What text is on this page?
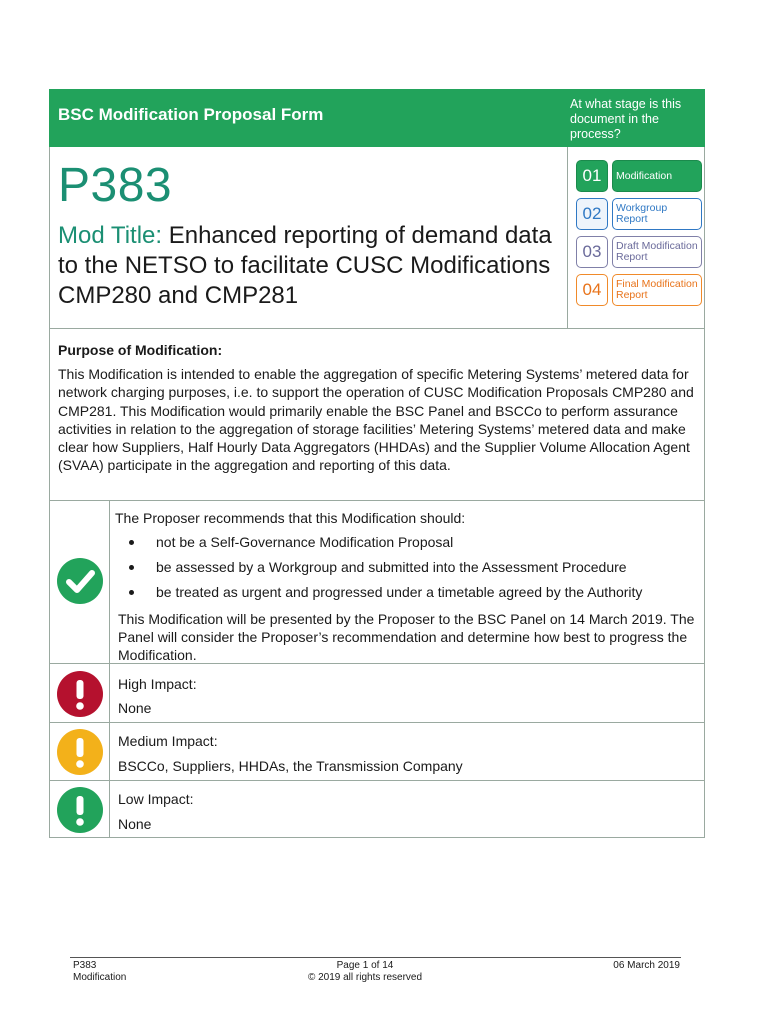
BSC Modification Proposal Form
At what stage is this document in the process?
P383
Mod Title: Enhanced reporting of demand data to the NETSO to facilitate CUSC Modifications CMP280 and CMP281
01	Modification
02	Workgroup Report
03	Draft Modification Report
04	Final Modification Report
Purpose of Modification:
This Modification is intended to enable the aggregation of specific Metering Systems’ metered data for network charging purposes, i.e. to support the operation of CUSC Modification Proposals CMP280 and CMP281. This Modification would primarily enable the BSC Panel and BSCCo to perform assurance activities in relation to the aggregation of storage facilities’ Metering Systems’ metered data and make clear how Suppliers, Half Hourly Data Aggregators (HHDAs) and the Supplier Volume Allocation Agent (SVAA) participate in the aggregation and reporting of this data.
The Proposer recommends that this Modification should:
not be a Self-Governance Modification Proposal
be assessed by a Workgroup and submitted into the Assessment Procedure
be treated as urgent and progressed under a timetable agreed by the Authority
This Modification will be presented by the Proposer to the BSC Panel on 14 March 2019. The Panel will consider the Proposer’s recommendation and determine how best to progress the Modification.
High Impact:
None
Medium Impact:
BSCCo, Suppliers, HHDAs, the Transmission Company
Low Impact:
None
P383
Modification
Page 1 of 14
© 2019 all rights reserved
06 March 2019
